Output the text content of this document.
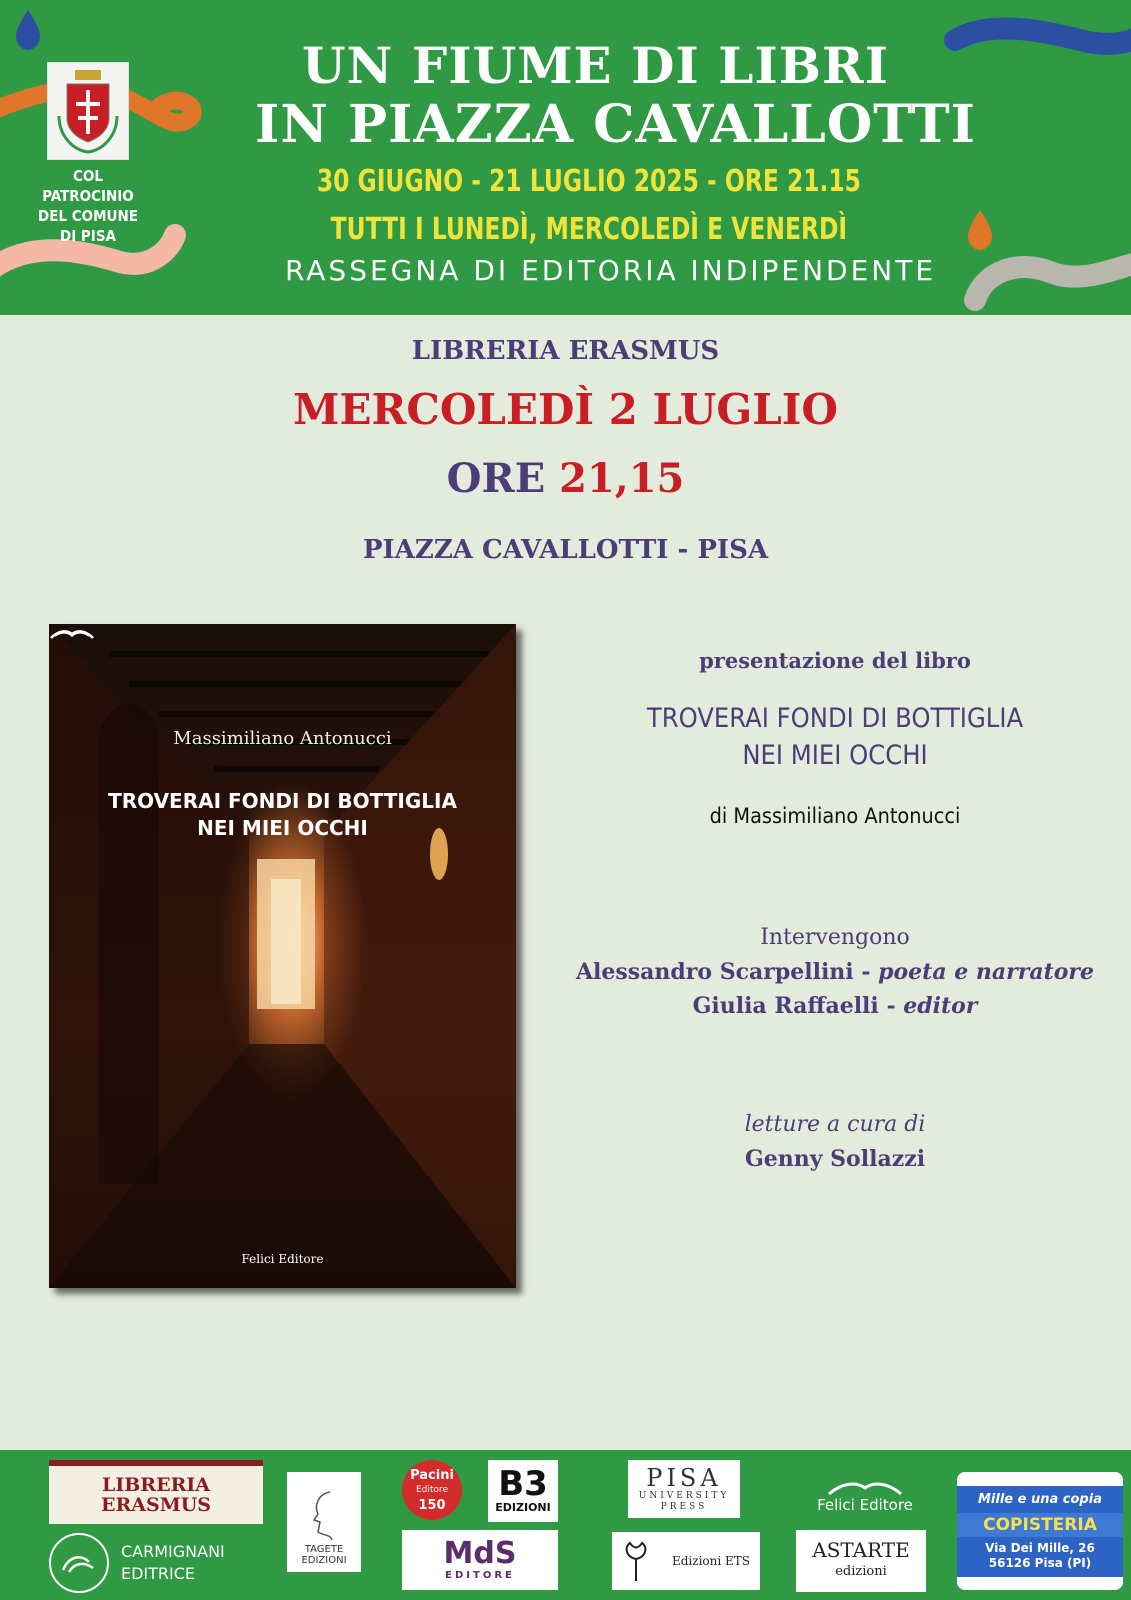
COL
PATROCINIO
DEL COMUNE
DI PISA
UN FIUME DI LIBRI
IN PIAZZA CAVALLOTTI
30 GIUGNO - 21 LUGLIO 2025 - ORE 21.15
TUTTI I LUNEDÌ, MERCOLEDÌ E VENERDÌ
RASSEGNA DI EDITORIA INDIPENDENTE
LIBRERIA ERASMUS
MERCOLEDÌ 2 LUGLIO
ORE 21,15
PIAZZA CAVALLOTTI - PISA
Massimiliano Antonucci
TROVERAI FONDI DI BOTTIGLIA
NEI MIEI OCCHI
Felici Editore
presentazione del libro
TROVERAI FONDI DI BOTTIGLIA
NEI MIEI OCCHI
di Massimiliano Antonucci
Intervengono
Alessandro Scarpellini - poeta e narratore
Giulia Raffaelli - editor
letture a cura di
Genny Sollazzi
LIBRERIA
ERASMUS
CARMIGNANI
EDITRICE
TAGETE EDIZIONI
Pacini
Editore
150
B3
EDIZIONI
MdS
EDITORE
PISA
UNIVERSITY
PRESS
Edizioni ETS
Felici Editore
ASTARTE
edizioni
Mille e una copia
COPISTERIA
Via Dei Mille, 26
56126 Pisa (PI)
